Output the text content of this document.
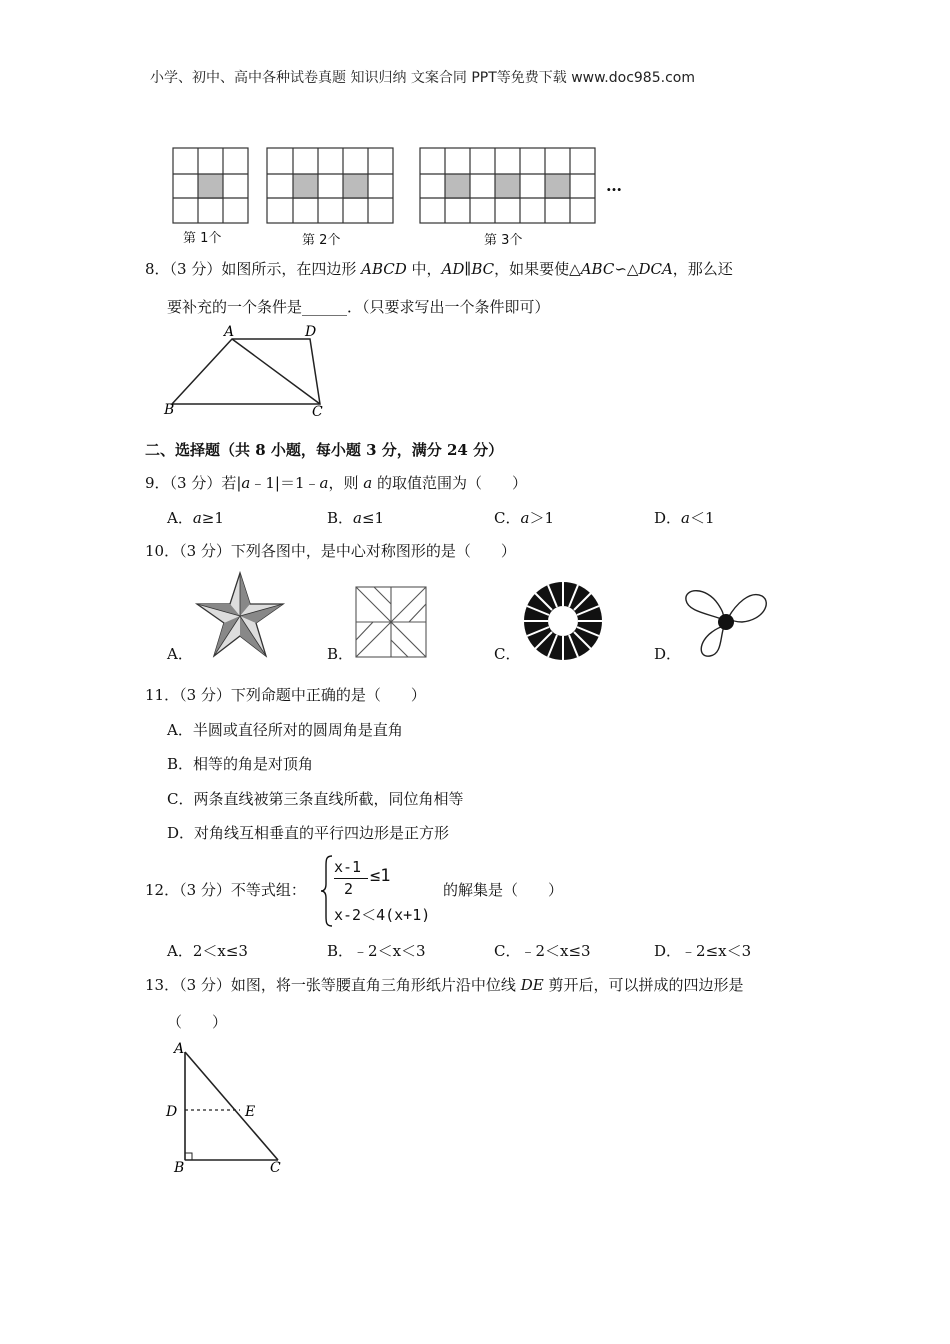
小学、初中、高中各种试卷真题 知识归纳 文案合同 PPT等免费下载 www.doc985.com
第 1个	第 2个	第 3个
…
8．（3 分）如图所示，在四边形 ABCD 中，AD∥BC，如果要使△ABC∽△DCA，那么还
要补充的一个条件是______．（只要求写出一个条件即可）
A	D
B	C
二、选择题（共 8 小题，每小题 3 分，满分 24 分）
9．（3 分）若|a﹣1|＝1﹣a，则 a 的取值范围为（　　）
A．a≥1	B．a≤1	C．a＞1	D．a＜1
10．（3 分）下列各图中，是中心对称图形的是（　　）
A．	B．	C．	D．
11．（3 分）下列命题中正确的是（　　）
A．半圆或直径所对的圆周角是直角
B．相等的角是对顶角
C．两条直线被第三条直线所截，同位角相等
D．对角线互相垂直的平行四边形是正方形
12．（3 分）不等式组：
x-1
2
≤1
x-2＜4(x+1)
的解集是（　　）
A．2＜x≤3	B．﹣2＜x＜3	C．﹣2＜x≤3	D．﹣2≤x＜3
13．（3 分）如图，将一张等腰直角三角形纸片沿中位线 DE 剪开后，可以拼成的四边形是
（　　）
A
D	E
B	C
